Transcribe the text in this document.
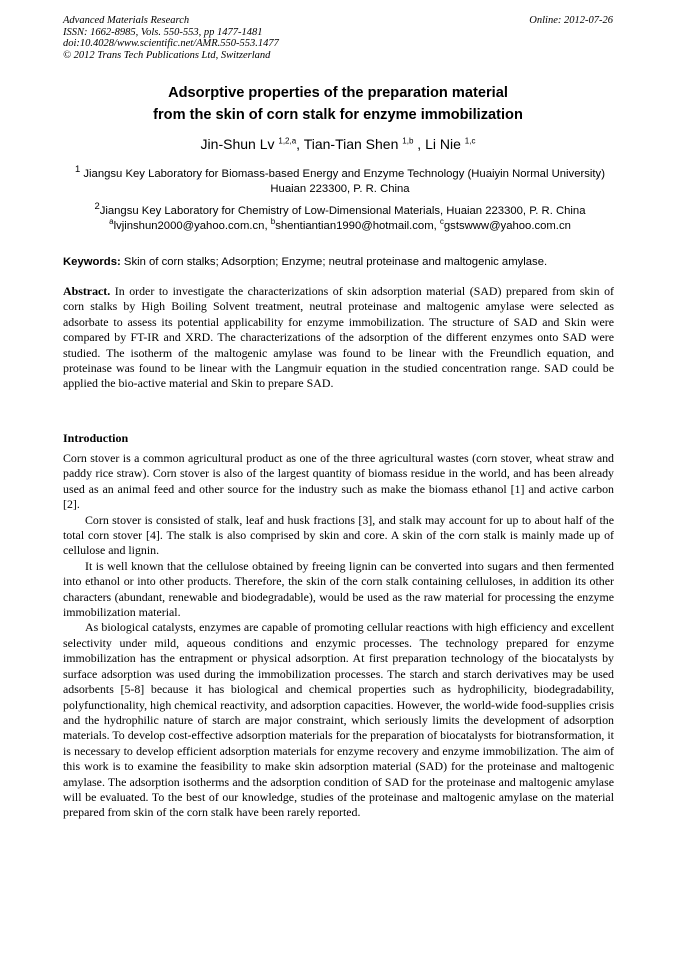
Advanced Materials Research
ISSN: 1662-8985, Vols. 550-553, pp 1477-1481
doi:10.4028/www.scientific.net/AMR.550-553.1477
© 2012 Trans Tech Publications Ltd, Switzerland
Online: 2012-07-26
Adsorptive properties of the preparation material
from the skin of corn stalk for enzyme immobilization
Jin-Shun Lv $^{1,2,a}$, Tian-Tian Shen $^{1,b}$ , Li Nie $^{1,c}$
$^1$ Jiangsu Key Laboratory for Biomass-based Energy and Enzyme Technology (Huaiyin Normal University) Huaian 223300, P. R. China
$^2$Jiangsu Key Laboratory for Chemistry of Low-Dimensional Materials, Huaian 223300, P. R. China
$^a$lvjinshun2000@yahoo.com.cn, $^b$shentiantian1990@hotmail.com, $^c$gstswww@yahoo.com.cn
Keywords: Skin of corn stalks; Adsorption; Enzyme; neutral proteinase and maltogenic amylase.
Abstract. In order to investigate the characterizations of skin adsorption material (SAD) prepared from skin of corn stalks by High Boiling Solvent treatment, neutral proteinase and maltogenic amylase were selected as adsorbate to assess its potential applicability for enzyme immobilization. The structure of SAD and Skin were compared by FT-IR and XRD. The characterizations of the adsorption of the different enzymes onto SAD were studied. The isotherm of the maltogenic amylase was found to be linear with the Freundlich equation, and proteinase was found to be linear with the Langmuir equation in the studied concentration range. SAD could be applied the bio-active material and Skin to prepare SAD.
Introduction

Corn stover is a common agricultural product as one of the three agricultural wastes (corn stover, wheat straw and paddy rice straw). Corn stover is also of the largest quantity of biomass residue in the world, and has been already used as an animal feed and other source for the industry such as make the biomass ethanol [1] and active carbon [2].

Corn stover is consisted of stalk, leaf and husk fractions [3], and stalk may account for up to about half of the total corn stover [4]. The stalk is also comprised by skin and core. A skin of the corn stalk is mainly made up of cellulose and lignin.

It is well known that the cellulose obtained by freeing lignin can be converted into sugars and then fermented into ethanol or into other products. Therefore, the skin of the corn stalk containing celluloses, in addition its other characters (abundant, renewable and biodegradable), would be used as the raw material for processing the enzyme immobilization material.

As biological catalysts, enzymes are capable of promoting cellular reactions with high efficiency and excellent selectivity under mild, aqueous conditions and enzymic processes. The technology prepared for enzyme immobilization has the entrapment or physical adsorption. At first preparation technology of the biocatalysts by surface adsorption was used during the immobilization processes. The starch and starch derivatives may be used adsorbents [5-8] because it has biological and chemical properties such as hydrophilicity, biodegradability, polyfunctionality, high chemical reactivity, and adsorption capacities. However, the world-wide food-supplies crisis and the hydrophilic nature of starch are major constraint, which seriously limits the development of adsorption materials. To develop cost-effective adsorption materials for the preparation of biocatalysts for biotransformation, it is necessary to develop efficient adsorption materials for enzyme recovery and enzyme immobilization. The aim of this work is to examine the feasibility to make skin adsorption material (SAD) for the proteinase and maltogenic amylase. The adsorption isotherms and the adsorption condition of SAD for the proteinase and maltogenic amylase will be evaluated. To the best of our knowledge, studies of the proteinase and maltogenic amylase on the material prepared from skin of the corn stalk have been rarely reported.
